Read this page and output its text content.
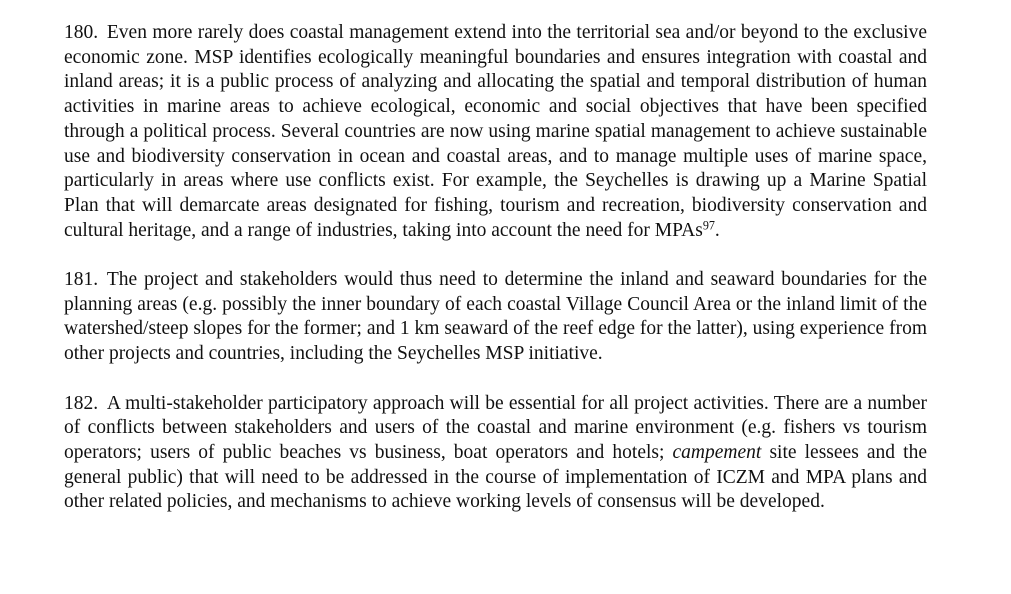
180. Even more rarely does coastal management extend into the territorial sea and/or beyond to the exclusive economic zone. MSP identifies ecologically meaningful boundaries and ensures integration with coastal and inland areas; it is a public process of analyzing and allocating the spatial and temporal distribution of human activities in marine areas to achieve ecological, economic and social objectives that have been specified through a political process. Several countries are now using marine spatial management to achieve sustainable use and biodiversity conservation in ocean and coastal areas, and to manage multiple uses of marine space, particularly in areas where use conflicts exist. For example, the Seychelles is drawing up a Marine Spatial Plan that will demarcate areas designated for fishing, tourism and recreation, biodiversity conservation and cultural heritage, and a range of industries, taking into account the need for MPAs$^{97}$.

181. The project and stakeholders would thus need to determine the inland and seaward boundaries for the planning areas (e.g. possibly the inner boundary of each coastal Village Council Area or the inland limit of the watershed/steep slopes for the former; and 1 km seaward of the reef edge for the latter), using experience from other projects and countries, including the Seychelles MSP initiative.

182. A multi-stakeholder participatory approach will be essential for all project activities. There are a number of conflicts between stakeholders and users of the coastal and marine environment (e.g. fishers vs tourism operators; users of public beaches vs business, boat operators and hotels; campement site lessees and the general public) that will need to be addressed in the course of implementation of ICZM and MPA plans and other related policies, and mechanisms to achieve working levels of consensus will be developed.
